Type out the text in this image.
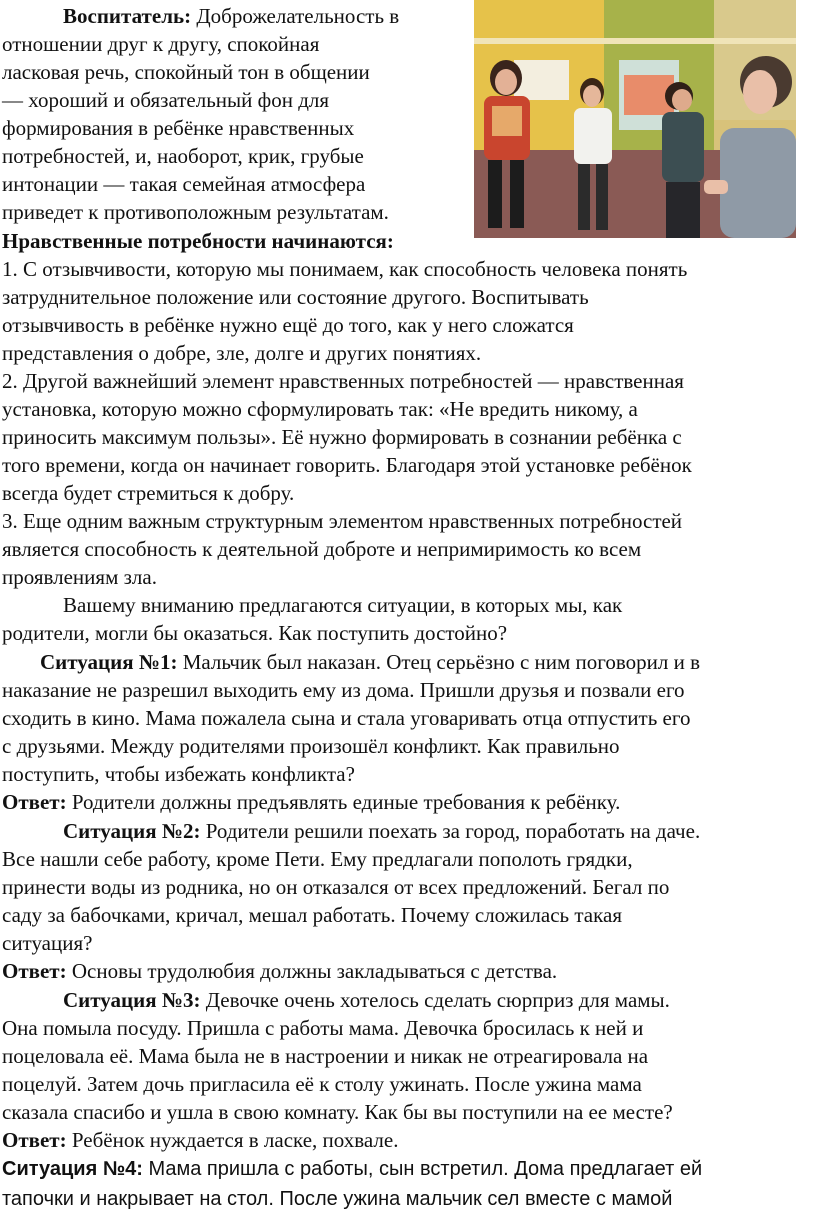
Воспитатель: Доброжелательность в
отношении друг к другу, спокойная
ласковая речь, спокойный тон в общении
— хороший и обязательный фон для
формирования в ребёнке нравственных
потребностей, и, наоборот, крик, грубые
интонации — такая семейная атмосфера
приведет к противоположным результатам.
Нравственные потребности начинаются:
1. С отзывчивости, которую мы понимаем, как способность человека понять
затруднительное положение или состояние другого. Воспитывать
отзывчивость в ребёнке нужно ещё до того, как у него сложатся
представления о добре, зле, долге и других понятиях.
2. Другой важнейший элемент нравственных потребностей — нравственная
установка, которую можно сформулировать так: «Не вредить никому, а
приносить максимум пользы». Её нужно формировать в сознании ребёнка с
того времени, когда он начинает говорить. Благодаря этой установке ребёнок
всегда будет стремиться к добру.
3. Еще одним важным структурным элементом нравственных потребностей
является способность к деятельной доброте и непримиримость ко всем
проявлениям зла.
Вашему вниманию предлагаются ситуации, в которых мы, как
родители, могли бы оказаться. Как поступить достойно?
Ситуация №1: Мальчик был наказан. Отец серьёзно с ним поговорил и в
наказание не разрешил выходить ему из дома. Пришли друзья и позвали его
сходить в кино. Мама пожалела сына и стала уговаривать отца отпустить его
с друзьями. Между родителями произошёл конфликт. Как правильно
поступить, чтобы избежать конфликта?
Ответ: Родители должны предъявлять единые требования к ребёнку.
Ситуация №2: Родители решили поехать за город, поработать на даче.
Все нашли себе работу, кроме Пети. Ему предлагали пополоть грядки,
принести воды из родника, но он отказался от всех предложений. Бегал по
саду за бабочками, кричал, мешал работать. Почему сложилась такая
ситуация?
Ответ: Основы трудолюбия должны закладываться с детства.
Ситуация №3: Девочке очень хотелось сделать сюрприз для мамы.
Она помыла посуду. Пришла с работы мама. Девочка бросилась к ней и
поцеловала её. Мама была не в настроении и никак не отреагировала на
поцелуй. Затем дочь пригласила её к столу ужинать. После ужина мама
сказала спасибо и ушла в свою комнату. Как бы вы поступили на ее месте?
Ответ: Ребёнок нуждается в ласке, похвале.
Ситуация №4: Мама пришла с работы, сын встретил. Дома предлагает ей
тапочки и накрывает на стол. После ужина мальчик сел вместе с мамой
